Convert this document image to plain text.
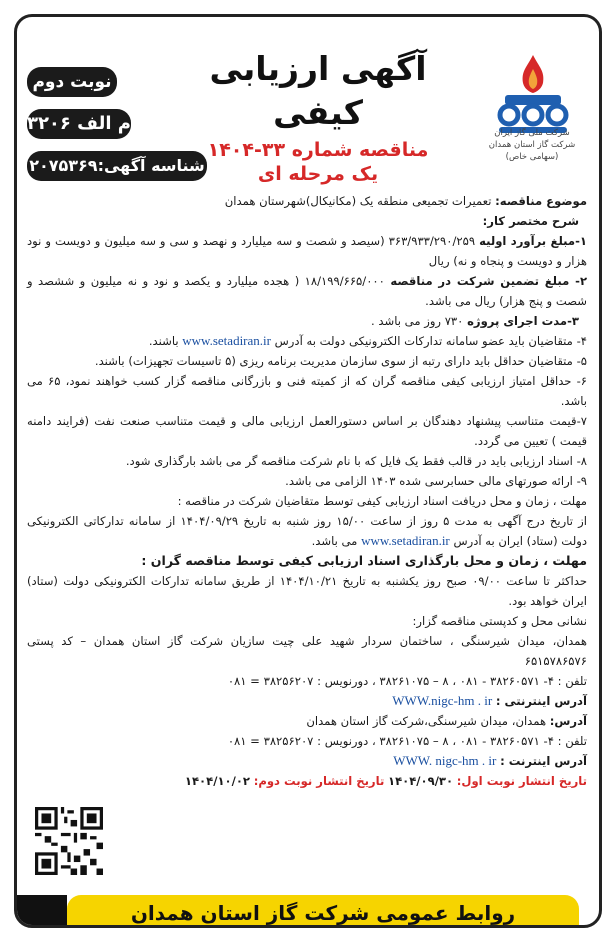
شرکت ملی گاز ایران
شرکت گاز استان همدان
(سهامی خاص)
آگهی ارزیابی کیفی
مناقصه شماره ۳۳-۱۴۰۴
یک مرحله ای
نوبت دوم
م الف ۳۲۰۶
شناسه آگهی:۲۰۷۵۳۶۹

موضوع مناقصه: تعمیرات تجمیعی منطقه یک (مکانیکال)شهرستان همدان

شرح مختصر کار:

۱-مبلغ برآورد اولیه ۳۶۳/۹۳۳/۲۹۰/۲۵۹ (سیصد و شصت و سه میلیارد و نهصد و سی و سه میلیون و دویست و نود هزار و دویست و پنجاه و نه) ریال

۲- مبلغ تضمین شرکت در مناقصه ۱۸/۱۹۹/۶۶۵/۰۰۰ ( هجده میلیارد و یکصد و نود و نه میلیون و ششصد و شصت و پنج هزار) ریال می باشد.

۳-مدت اجرای پروژه ۷۳۰ روز می باشد .

۴- متقاضیان باید عضو سامانه تدارکات الکترونیکی دولت به آدرس www.setadiran.ir باشند.

۵- متقاضیان حداقل باید دارای رتبه از سوی سازمان مدیریت برنامه ریزی (۵ تاسیسات تجهیزات) باشند.

۶- حداقل امتیاز ارزیابی کیفی مناقصه گران که از کمیته فنی و بازرگانی مناقصه گزار کسب خواهند نمود، ۶۵ می باشد.

۷-قیمت متناسب پیشنهاد دهندگان بر اساس دستورالعمل ارزیابی مالی و قیمت متناسب صنعت نفت (فرایند دامنه قیمت ) تعیین می گردد.

۸- اسناد ارزیابی باید در قالب فقط یک فایل که با نام شرکت مناقصه گر می باشد بارگذاری شود.

۹- ارائه صورتهای مالی حسابرسی شده ۱۴۰۳ الزامی می باشد.

مهلت ، زمان و محل دریافت اسناد ارزیابی کیفی توسط متقاضیان شرکت در مناقصه :

از تاریخ درج آگهی به مدت ۵ روز از ساعت ۱۵/۰۰ روز شنبه به تاریخ ۱۴۰۴/۰۹/۲۹ از سامانه تدارکاتی الکترونیکی دولت (ستاد) ایران به آدرس www.setadiran.ir می باشد.

مهلت ، زمان و محل بارگذاری اسناد ارزیابی کیفی توسط مناقصه گران :

حداکثر تا ساعت ۰۹/۰۰ صبح روز یکشنبه به تاریخ ۱۴۰۴/۱۰/۲۱ از طریق سامانه تدارکات الکترونیکی دولت (ستاد) ایران خواهد بود.

نشانی محل و کدپستی مناقصه گزار:

همدان، میدان شیرسنگی ، ساختمان سردار شهید علی چیت سازیان شرکت گاز استان همدان – کد پستی ۶۵۱۵۷۸۶۵۷۶

تلفن : ۴- ۳۸۲۶۰۵۷۱ - ۰۸۱ ، ۸ – ۳۸۲۶۱۰۷۵ ، دورنویس : ۳۸۲۵۶۲۰۷ = ۰۸۱

آدرس اینترنتی : WWW.nigc-hm . ir

آدرس: همدان، میدان شیرسنگی،شرکت گاز استان همدان

تلفن : ۴- ۳۸۲۶۰۵۷۱ - ۰۸۱ ، ۸ – ۳۸۲۶۱۰۷۵ ، دورنویس : ۳۸۲۵۶۲۰۷ = ۰۸۱

آدرس اینترنت : WWW. nigc-hm . ir

تاریخ انتشار نوبت اول: ۱۴۰۴/۰۹/۳۰ تاریخ انتشار نوبت دوم: ۱۴۰۴/۱۰/۰۲

روابط عمومی شرکت گاز استان همدان
